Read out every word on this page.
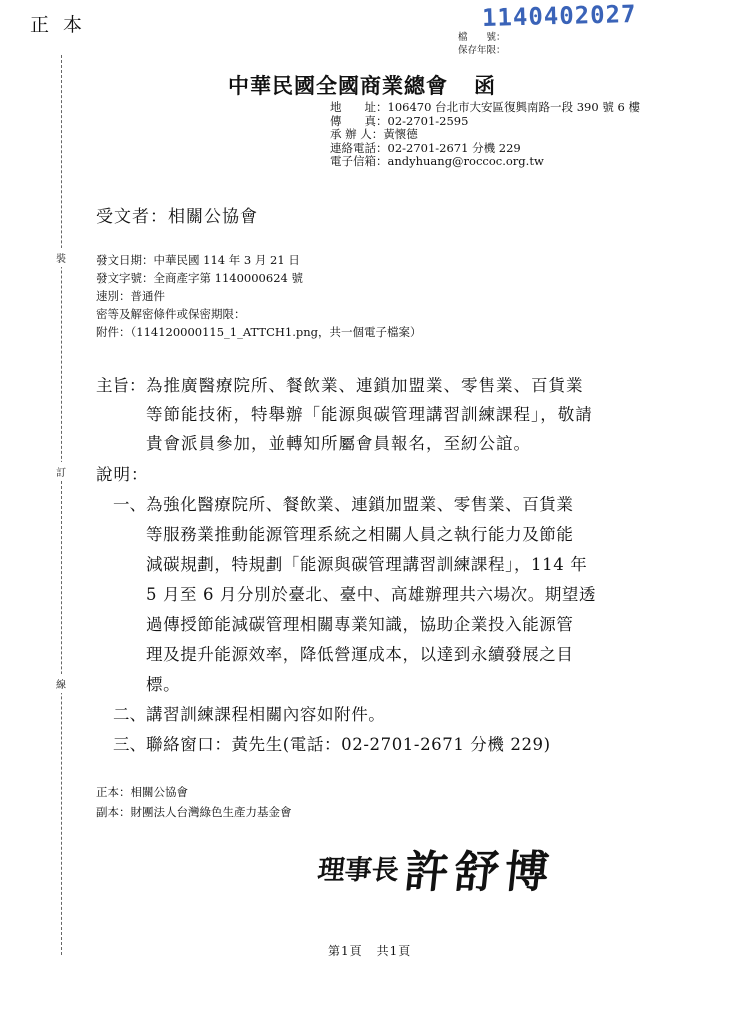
正本	1140402027
檔　　號：
保存年限：
裝
訂
線
中華民國全國商業總會 函
地　　址： 106470 台北市大安區復興南路一段 390 號 6 樓
傳　　真： 02-2701-2595
承 辦 人： 黃懷德
連絡電話： 02-2701-2671 分機 229
電子信箱： andyhuang@roccoc.org.tw
受文者：相關公協會
發文日期：中華民國 114 年 3 月 21 日
發文字號：全商產字第 1140000624 號
速別：普通件
密等及解密條件或保密期限：
附件：（114120000115_1_ATTCH1.png，共一個電子檔案）
主旨： 為推廣醫療院所、餐飲業、連鎖加盟業、零售業、百貨業
等節能技術，特舉辦「能源與碳管理講習訓練課程」，敬請
貴會派員參加，並轉知所屬會員報名，至紉公誼。
說明：
一、 為強化醫療院所、餐飲業、連鎖加盟業、零售業、百貨業
等服務業推動能源管理系統之相關人員之執行能力及節能
減碳規劃，特規劃「能源與碳管理講習訓練課程」，114 年
5 月至 6 月分別於臺北、臺中、高雄辦理共六場次。期望透
過傳授節能減碳管理相關專業知識，協助企業投入能源管
理及提升能源效率，降低營運成本，以達到永續發展之目
標。
二、 講習訓練課程相關內容如附件。
三、 聯絡窗口：黃先生(電話：02-2701-2671 分機 229)
正本：相關公協會
副本：財團法人台灣綠色生產力基金會
理事長許舒博
第1頁 共1頁
